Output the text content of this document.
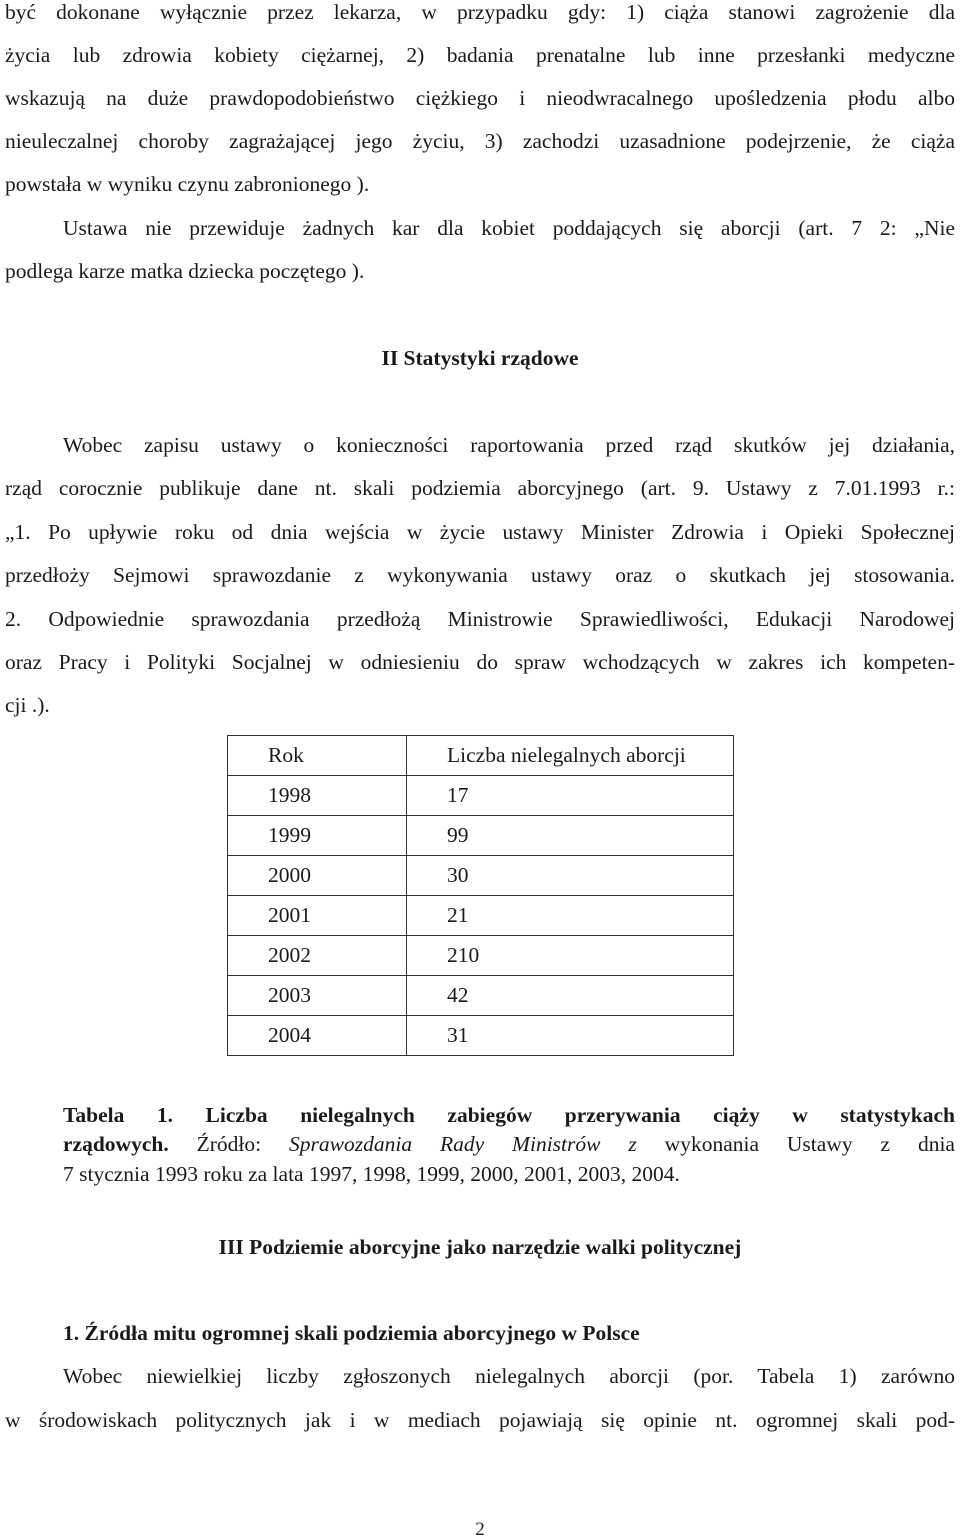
być dokonane wyłącznie przez lekarza, w przypadku gdy: 1) ciąża stanowi zagrożenie dla
życia lub zdrowia kobiety ciężarnej, 2) badania prenatalne lub inne przesłanki medyczne
wskazują na duże prawdopodobieństwo ciężkiego i nieodwracalnego upośledzenia płodu albo
nieuleczalnej choroby zagrażającej jego życiu, 3) zachodzi uzasadnione podejrzenie, że ciąża
powstała w wyniku czynu zabronionego ).
Ustawa nie przewiduje żadnych kar dla kobiet poddających się aborcji (art. 7 2: „Nie
podlega karze matka dziecka poczętego ).
II Statystyki rządowe
Wobec zapisu ustawy o konieczności raportowania przed rząd skutków jej działania,
rząd corocznie publikuje dane nt. skali podziemia aborcyjnego (art. 9. Ustawy z 7.01.1993 r.:
„1. Po upływie roku od dnia wejścia w życie ustawy Minister Zdrowia i Opieki Społecznej
przedłoży Sejmowi sprawozdanie z wykonywania ustawy oraz o skutkach jej stosowania.
2. Odpowiednie sprawozdania przedłożą Ministrowie Sprawiedliwości, Edukacji Narodowej
oraz Pracy i Polityki Socjalnej w odniesieniu do spraw wchodzących w zakres ich kompeten-
cji .).
Rok	Liczba nielegalnych aborcji
1998	17
1999	99
2000	30
2001	21
2002	210
2003	42
2004	31
Tabela 1. Liczba nielegalnych zabiegów przerywania ciąży w statystykach
rządowych. Źródło: Sprawozdania Rady Ministrów z wykonania Ustawy z dnia
7 stycznia 1993 roku za lata 1997, 1998, 1999, 2000, 2001, 2003, 2004.
III Podziemie aborcyjne jako narzędzie walki politycznej
1. Źródła mitu ogromnej skali podziemia aborcyjnego w Polsce
Wobec niewielkiej liczby zgłoszonych nielegalnych aborcji (por. Tabela 1) zarówno
w środowiskach politycznych jak i w mediach pojawiają się opinie nt. ogromnej skali pod-
2
